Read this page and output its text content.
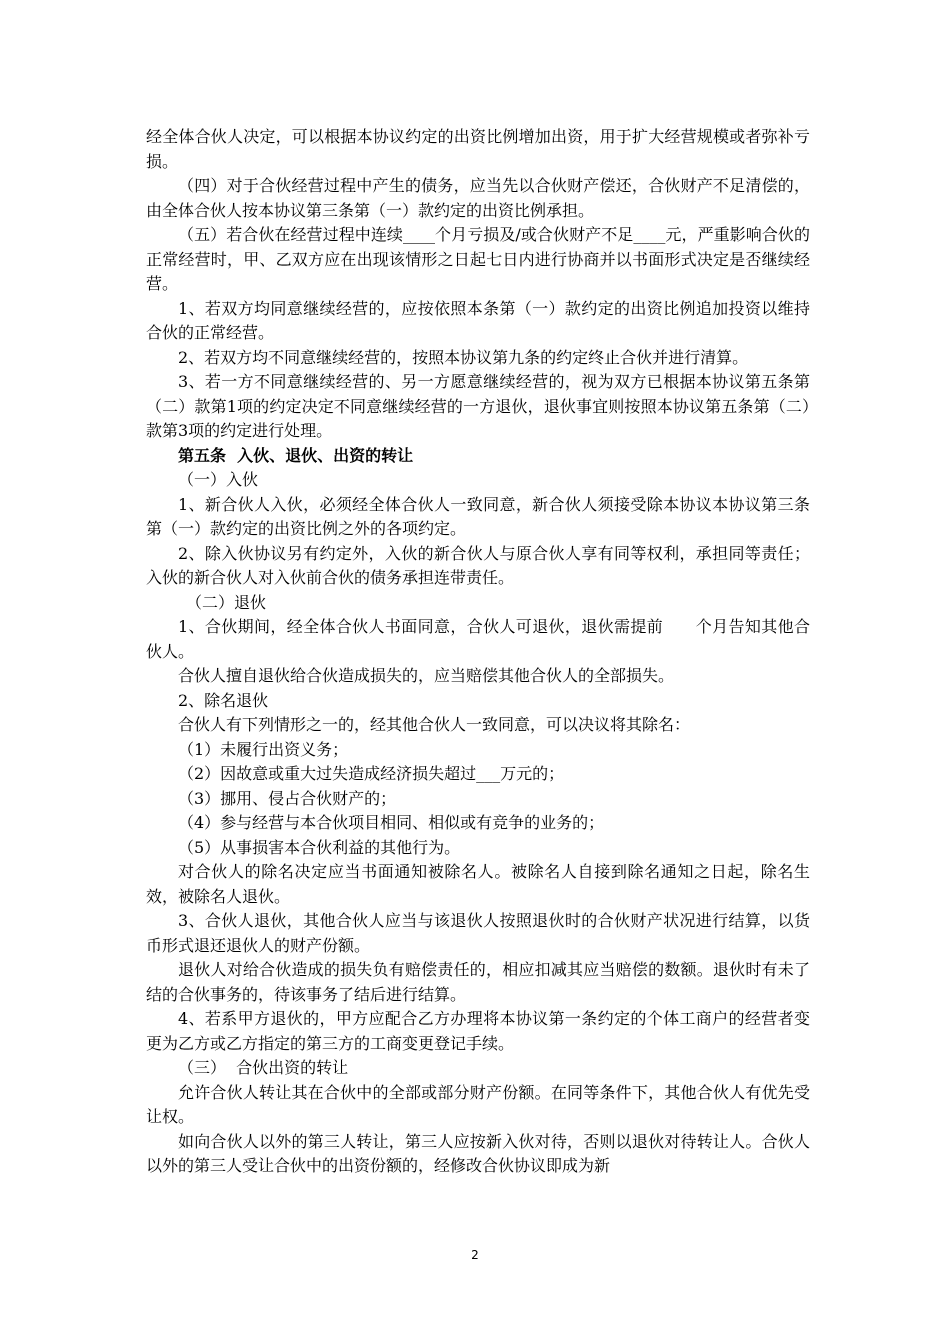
经全体合伙人决定，可以根据本协议约定的出资比例增加出资，用于扩大经营规模或者弥补亏损。

（四）对于合伙经营过程中产生的债务，应当先以合伙财产偿还，合伙财产不足清偿的，由全体合伙人按本协议第三条第（一）款约定的出资比例承担。

（五）若合伙在经营过程中连续____个月亏损及/或合伙财产不足____元，严重影响合伙的正常经营时，甲、乙双方应在出现该情形之日起七日内进行协商并以书面形式决定是否继续经营。

1、若双方均同意继续经营的，应按依照本条第（一）款约定的出资比例追加投资以维持合伙的正常经营。

2、若双方均不同意继续经营的，按照本协议第九条的约定终止合伙并进行清算。

3、若一方不同意继续经营的、另一方愿意继续经营的，视为双方已根据本协议第五条第（二）款第1项的约定决定不同意继续经营的一方退伙，退伙事宜则按照本协议第五条第（二）款第3项的约定进行处理。

第五条  入伙、退伙、出资的转让

（一）入伙

1、新合伙人入伙，必须经全体合伙人一致同意，新合伙人须接受除本协议本协议第三条第（一）款约定的出资比例之外的各项约定。

2、除入伙协议另有约定外，入伙的新合伙人与原合伙人享有同等权利，承担同等责任；入伙的新合伙人对入伙前合伙的债务承担连带责任。

（二）退伙

1、合伙期间，经全体合伙人书面同意，合伙人可退伙，退伙需提前      个月告知其他合伙人。

合伙人擅自退伙给合伙造成损失的，应当赔偿其他合伙人的全部损失。

2、除名退伙

合伙人有下列情形之一的，经其他合伙人一致同意，可以决议将其除名：

（1）未履行出资义务；

（2）因故意或重大过失造成经济损失超过___万元的；

（3）挪用、侵占合伙财产的；

（4）参与经营与本合伙项目相同、相似或有竞争的业务的；

（5）从事损害本合伙利益的其他行为。

对合伙人的除名决定应当书面通知被除名人。被除名人自接到除名通知之日起，除名生效，被除名人退伙。

3、合伙人退伙，其他合伙人应当与该退伙人按照退伙时的合伙财产状况进行结算，以货币形式退还退伙人的财产份额。

退伙人对给合伙造成的损失负有赔偿责任的，相应扣减其应当赔偿的数额。退伙时有未了结的合伙事务的，待该事务了结后进行结算。

4、若系甲方退伙的，甲方应配合乙方办理将本协议第一条约定的个体工商户的经营者变更为乙方或乙方指定的第三方的工商变更登记手续。

（三）  合伙出资的转让

允许合伙人转让其在合伙中的全部或部分财产份额。在同等条件下，其他合伙人有优先受让权。

如向合伙人以外的第三人转让，第三人应按新入伙对待，否则以退伙对待转让人。合伙人以外的第三人受让合伙中的出资份额的，经修改合伙协议即成为新

2
